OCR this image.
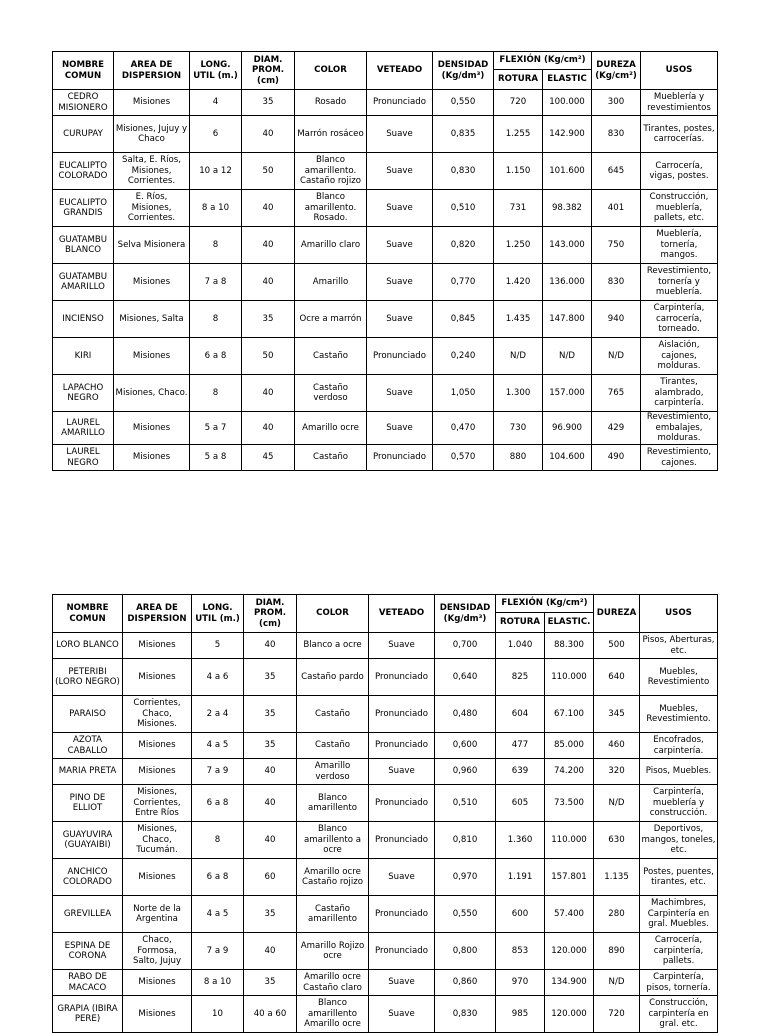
NOMBRE COMUN	AREA DE DISPERSION	LONG. UTIL (m.)	DIAM. PROM. (cm)	COLOR	VETEADO	DENSIDAD (Kg/dm³)	FLEXIÓN (Kg/cm²)		DUREZA (Kg/cm²)	USOS
							ROTURA	ELASTIC		
CEDRO MISIONERO	Misiones	4	35	Rosado	Pronunciado	0,550	720	100.000	300	Mueblería y revestimientos
CURUPAY	Misiones, Jujuy y Chaco	6	40	Marrón rosáceo	Suave	0,835	1.255	142.900	830	Tirantes, postes, carrocerías.
EUCALIPTO COLORADO	Salta, E. Ríos, Misiones, Corrientes.	10 a 12	50	Blanco amarillento. Castaño rojizo	Suave	0,830	1.150	101.600	645	Carrocería, vigas, postes.
EUCALIPTO GRANDIS	E. Ríos, Misiones, Corrientes.	8 a 10	40	Blanco amarillento. Rosado.	Suave	0,510	731	98.382	401	Construcción, mueblería, pallets, etc.
GUATAMBU BLANCO	Selva Misionera	8	40	Amarillo claro	Suave	0,820	1.250	143.000	750	Mueblería, tornería, mangos.
GUATAMBU AMARILLO	Misiones	7 a 8	40	Amarillo	Suave	0,770	1.420	136.000	830	Revestimiento, tornería y mueblería.
INCIENSO	Misiones, Salta	8	35	Ocre a marrón	Suave	0,845	1.435	147.800	940	Carpintería, carrocería, torneado.
KIRI	Misiones	6 a 8	50	Castaño	Pronunciado	0,240	N/D	N/D	N/D	Aislación, cajones, molduras.
LAPACHO NEGRO	Misiones, Chaco.	8	40	Castaño verdoso	Suave	1,050	1.300	157.000	765	Tirantes, alambrado, carpintería.
LAUREL AMARILLO	Misiones	5 a 7	40	Amarillo ocre	Suave	0,470	730	96.900	429	Revestimiento, embalajes, molduras.
LAUREL NEGRO	Misiones	5 a 8	45	Castaño	Pronunciado	0,570	880	104.600	490	Revestimiento, cajones.
NOMBRE COMUN	AREA DE DISPERSION	LONG. UTIL (m.)	DIAM. PROM. (cm)	COLOR	VETEADO	DENSIDAD (Kg/dm³)	FLEXIÓN (Kg/cm²)		DUREZA	USOS
							ROTURA	ELASTIC.		
LORO BLANCO	Misiones	5	40	Blanco a ocre	Suave	0,700	1.040	88.300	500	Pisos, Aberturas, etc.
PETERIBI (LORO NEGRO)	Misiones	4 a 6	35	Castaño pardo	Pronunciado	0,640	825	110.000	640	Muebles, Revestimiento
PARAISO	Corrientes, Chaco, Misiones.	2 a 4	35	Castaño	Pronunciado	0,480	604	67.100	345	Muebles, Revestimiento.
AZOTA CABALLO	Misiones	4 a 5	35	Castaño	Pronunciado	0,600	477	85.000	460	Encofrados, carpintería.
MARIA PRETA	Misiones	7 a 9	40	Amarillo verdoso	Suave	0,960	639	74.200	320	Pisos, Muebles.
PINO DE ELLIOT	Misiones, Corrientes, Entre Ríos	6 a 8	40	Blanco amarillento	Pronunciado	0,510	605	73.500	N/D	Carpintería, mueblería y construcción.
GUAYUVIRA (GUAYAIBI)	Misiones, Chaco, Tucumán.	8	40	Blanco amarillento a ocre	Pronunciado	0,810	1.360	110.000	630	Deportivos, mangos, toneles, etc.
ANCHICO COLORADO	Misiones	6 a 8	60	Amarillo ocre Castaño rojizo	Suave	0,970	1.191	157.801	1.135	Postes, puentes, tirantes, etc.
GREVILLEA	Norte de la Argentina	4 a 5	35	Castaño amarillento	Pronunciado	0,550	600	57.400	280	Machimbres, Carpintería en gral. Muebles.
ESPINA DE CORONA	Chaco, Formosa, Salto, Jujuy	7 a 9	40	Amarillo Rojizo ocre	Pronunciado	0,800	853	120.000	890	Carrocería, carpintería, pallets.
RABO DE MACACO	Misiones	8 a 10	35	Amarillo ocre Castaño claro	Suave	0,860	970	134.900	N/D	Carpintería, pisos, tornería.
GRAPIA (IBIRA PERE)	Misiones	10	40 a 60	Blanco amarillento Amarillo ocre	Suave	0,830	985	120.000	720	Construcción, carpintería en gral. etc.
